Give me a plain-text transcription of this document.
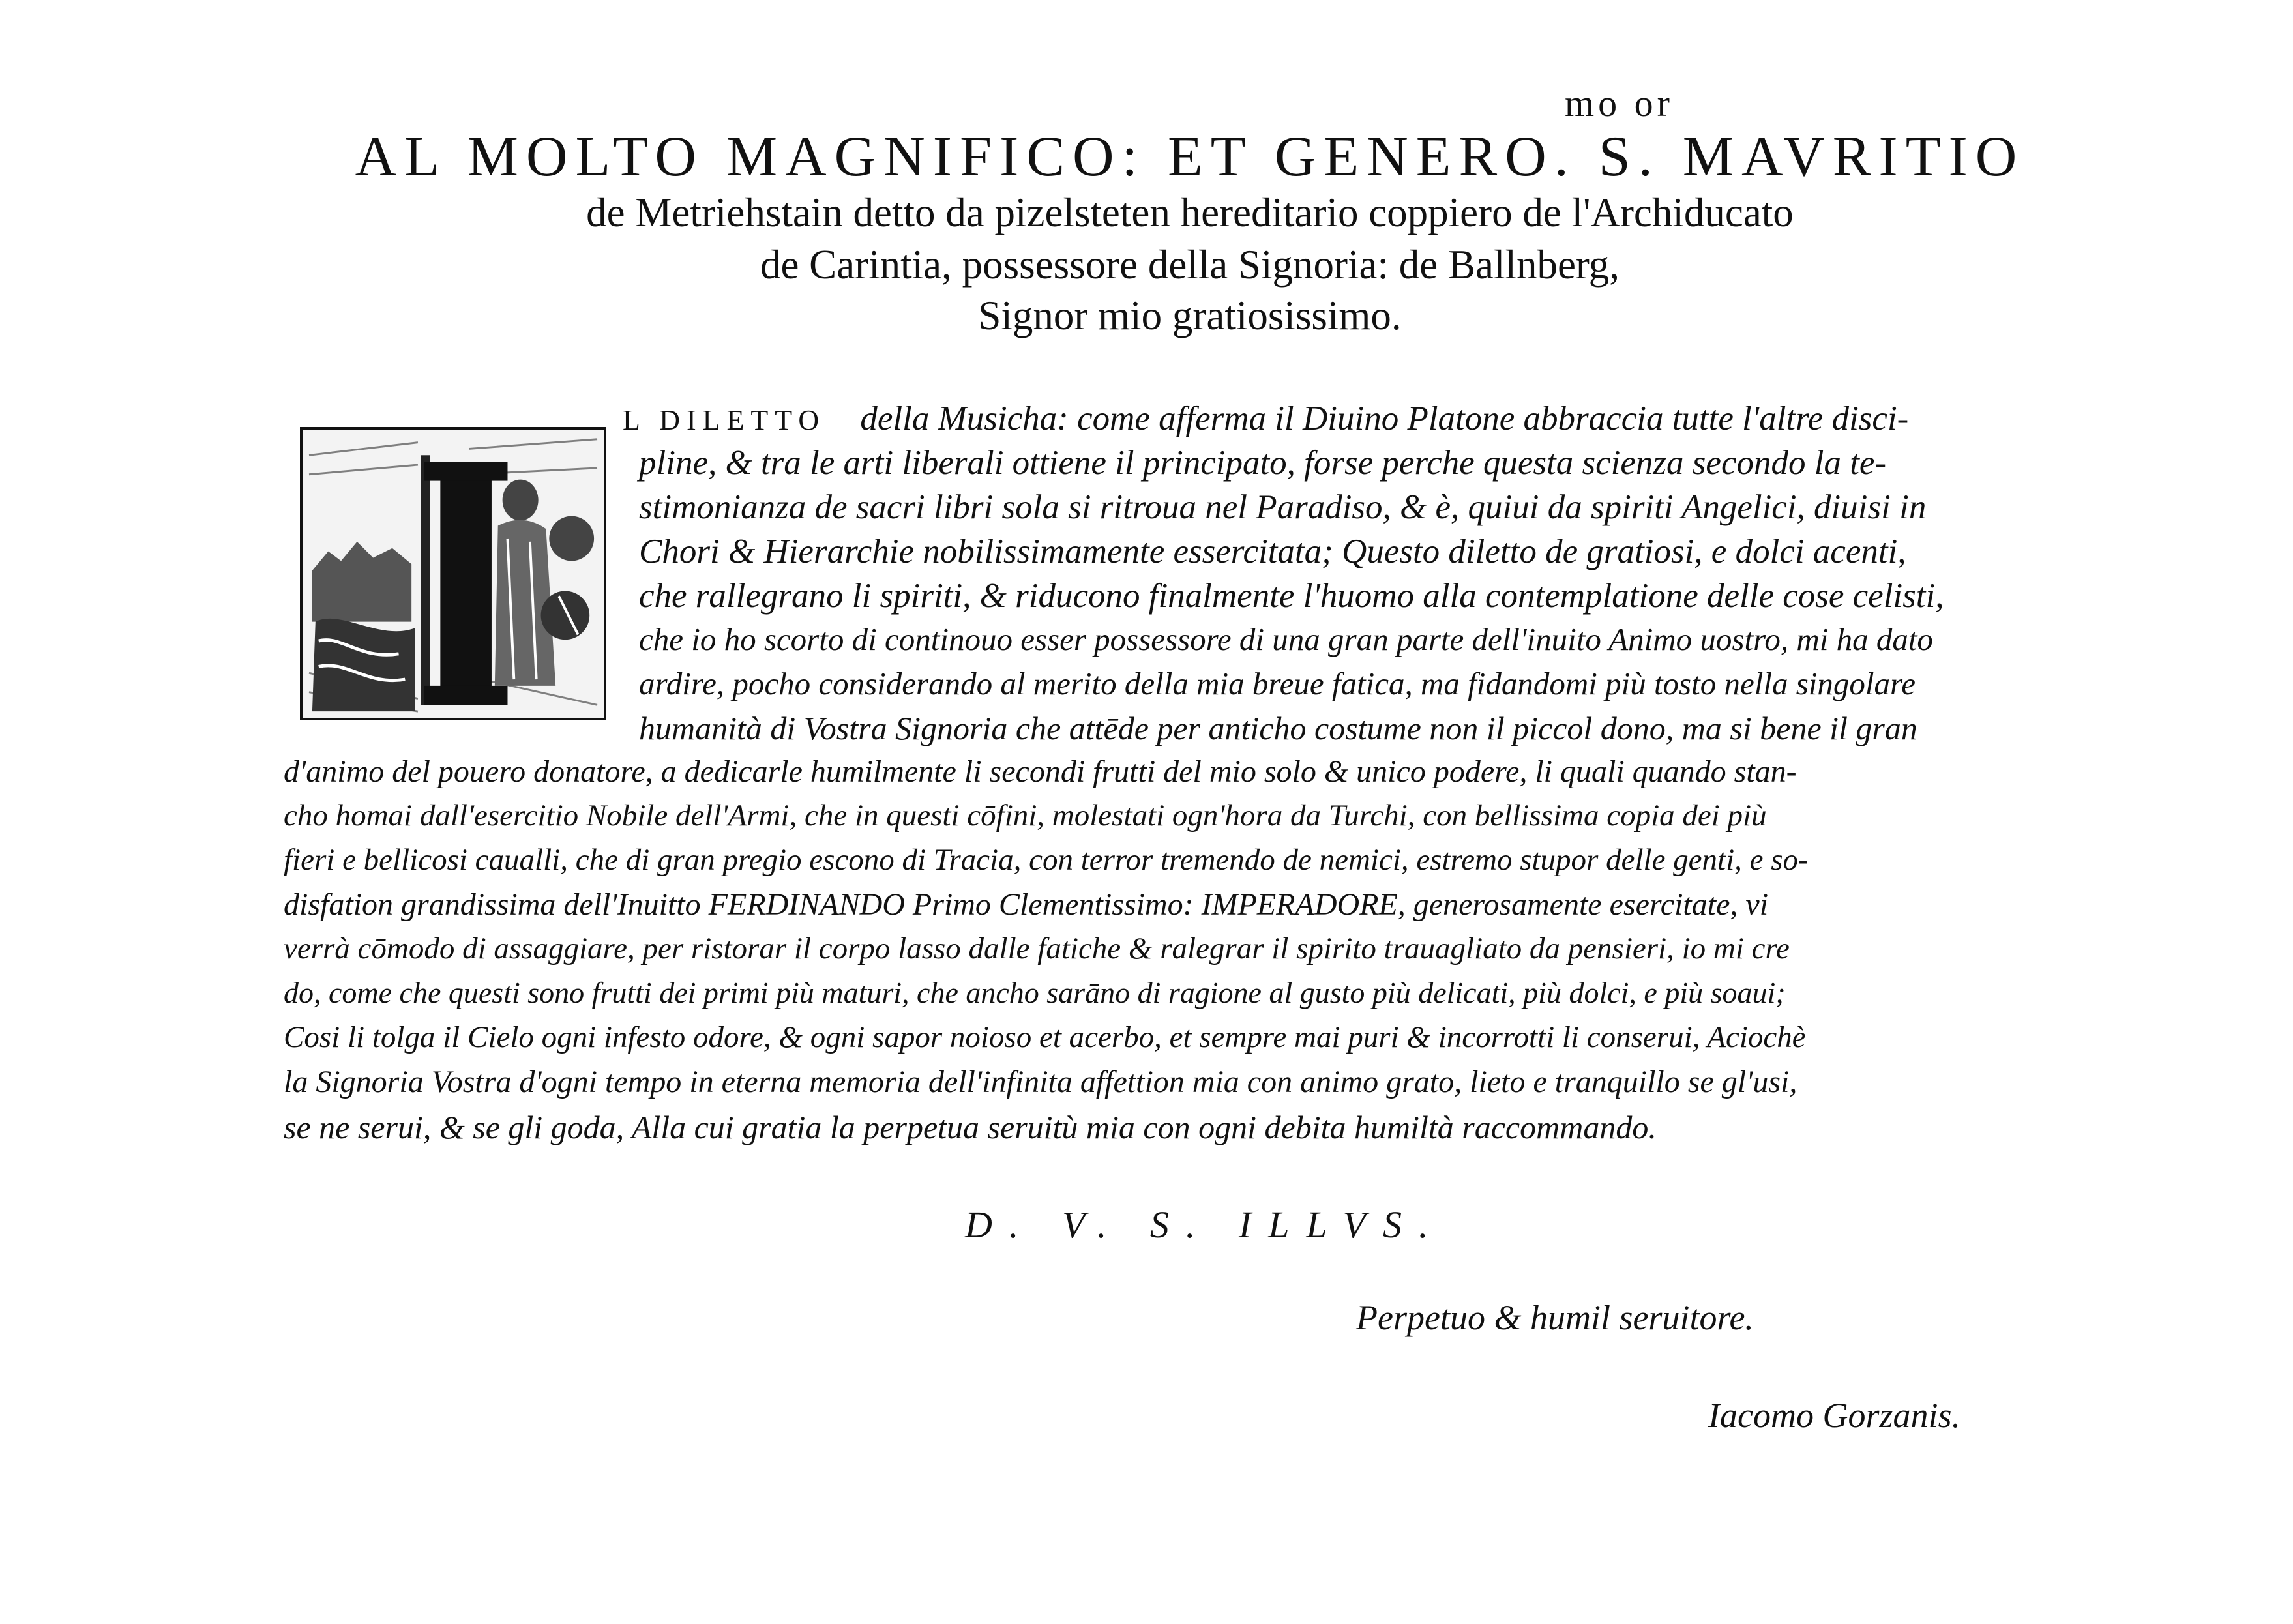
mo or
AL MOLTO MAGNIFICO: ET GENERO. S. MAVRITIO
de Metriehstain detto da pizelsteten hereditario coppiero de l'Archiducato
de Carintia, possessore della Signoria: de Ballnberg,
Signor mio gratiosissimo.
L DILETTO della Musicha: come afferma il Diuino Platone abbraccia tutte l'altre disci-
pline, & tra le arti liberali ottiene il principato, forse perche questa scienza secondo la te-
stimonianza de sacri libri sola si ritroua nel Paradiso, & è, quiui da spiriti Angelici, diuisi in
Chori & Hierarchie nobilissimamente essercitata; Questo diletto de gratiosi, e dolci acenti,
che rallegrano li spiriti, & riducono finalmente l'huomo alla contemplatione delle cose celisti,
che io ho scorto di continouo esser possessore di una gran parte dell'inuito Animo uostro, mi ha dato
ardire, pocho considerando al merito della mia breue fatica, ma fidandomi più tosto nella singolare
humanità di Vostra Signoria che attēde per anticho costume non il piccol dono, ma si bene il gran
d'animo del pouero donatore, a dedicarle humilmente li secondi frutti del mio solo & unico podere, li quali quando stan-
cho homai dall'esercitio Nobile dell'Armi, che in questi cōfini, molestati ogn'hora da Turchi, con bellissima copia dei più
fieri e bellicosi caualli, che di gran pregio escono di Tracia, con terror tremendo de nemici, estremo stupor delle genti, e so-
disfation grandissima dell'Inuitto FERDINANDO Primo Clementissimo: IMPERADORE, generosamente esercitate, vi
verrà cōmodo di assaggiare, per ristorar il corpo lasso dalle fatiche & ralegrar il spirito trauagliato da pensieri, io mi cre
do, come che questi sono frutti dei primi più maturi, che ancho sarāno di ragione al gusto più delicati, più dolci, e più soaui;
Cosi li tolga il Cielo ogni infesto odore, & ogni sapor noioso et acerbo, et sempre mai puri & incorrotti li conserui, Aciochè
la Signoria Vostra d'ogni tempo in eterna memoria dell'infinita affettion mia con animo grato, lieto e tranquillo se gl'usi,
se ne serui, & se gli goda, Alla cui gratia la perpetua seruitù mia con ogni debita humiltà raccommando.
D. V. S. ILLVS.
Perpetuo & humil seruitore.
Iacomo Gorzanis.
